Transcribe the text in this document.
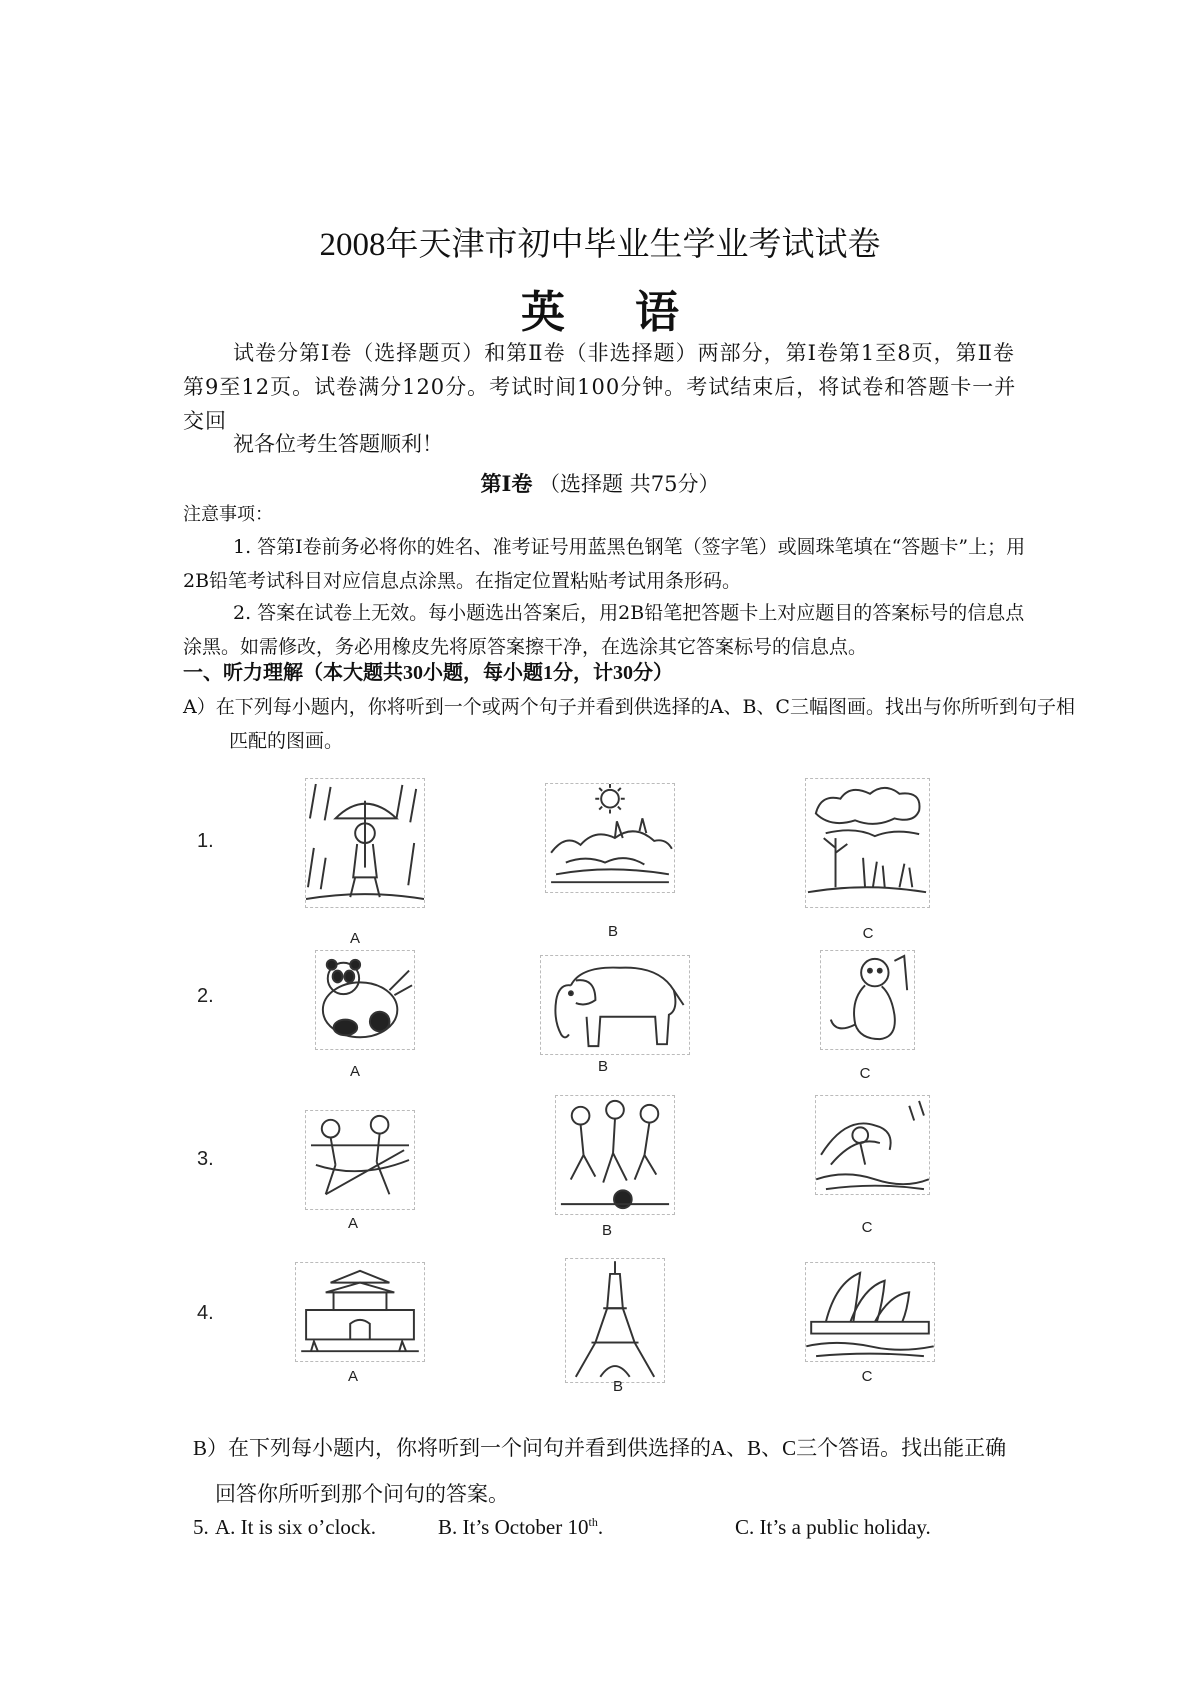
2008年天津市初中毕业生学业考试试卷
英语
试卷分第Ⅰ卷（选择题页）和第Ⅱ卷（非选择题）两部分，第Ⅰ卷第1至8页，第Ⅱ卷第9至12页。试卷满分120分。考试时间100分钟。考试结束后，将试卷和答题卡一并交回
祝各位考生答题顺利！
第Ⅰ卷 （选择题 共75分）
注意事项：
1. 答第Ⅰ卷前务必将你的姓名、准考证号用蓝黑色钢笔（签字笔）或圆珠笔填在“答题卡”上；用2B铅笔考试科目对应信息点涂黑。在指定位置粘贴考试用条形码。
2. 答案在试卷上无效。每小题选出答案后，用2B铅笔把答题卡上对应题目的答案标号的信息点涂黑。如需修改，务必用橡皮先将原答案擦干净，在选涂其它答案标号的信息点。
一、听力理解（本大题共30小题，每小题1分，计30分）
A）在下列每小题内，你将听到一个或两个句子并看到供选择的A、B、C三幅图画。找出与你所听到句子相匹配的图画。
1.
2.
3.
4.
A	B	C
A	B	C
A	B	C
A
B
C
B）在下列每小题内，你将听到一个问句并看到供选择的A、B、C三个答语。找出能正确
回答你所听到那个问句的答案。
5. A. It is six o’clock.	B. It’s October 10th.	C. It’s a public holiday.
